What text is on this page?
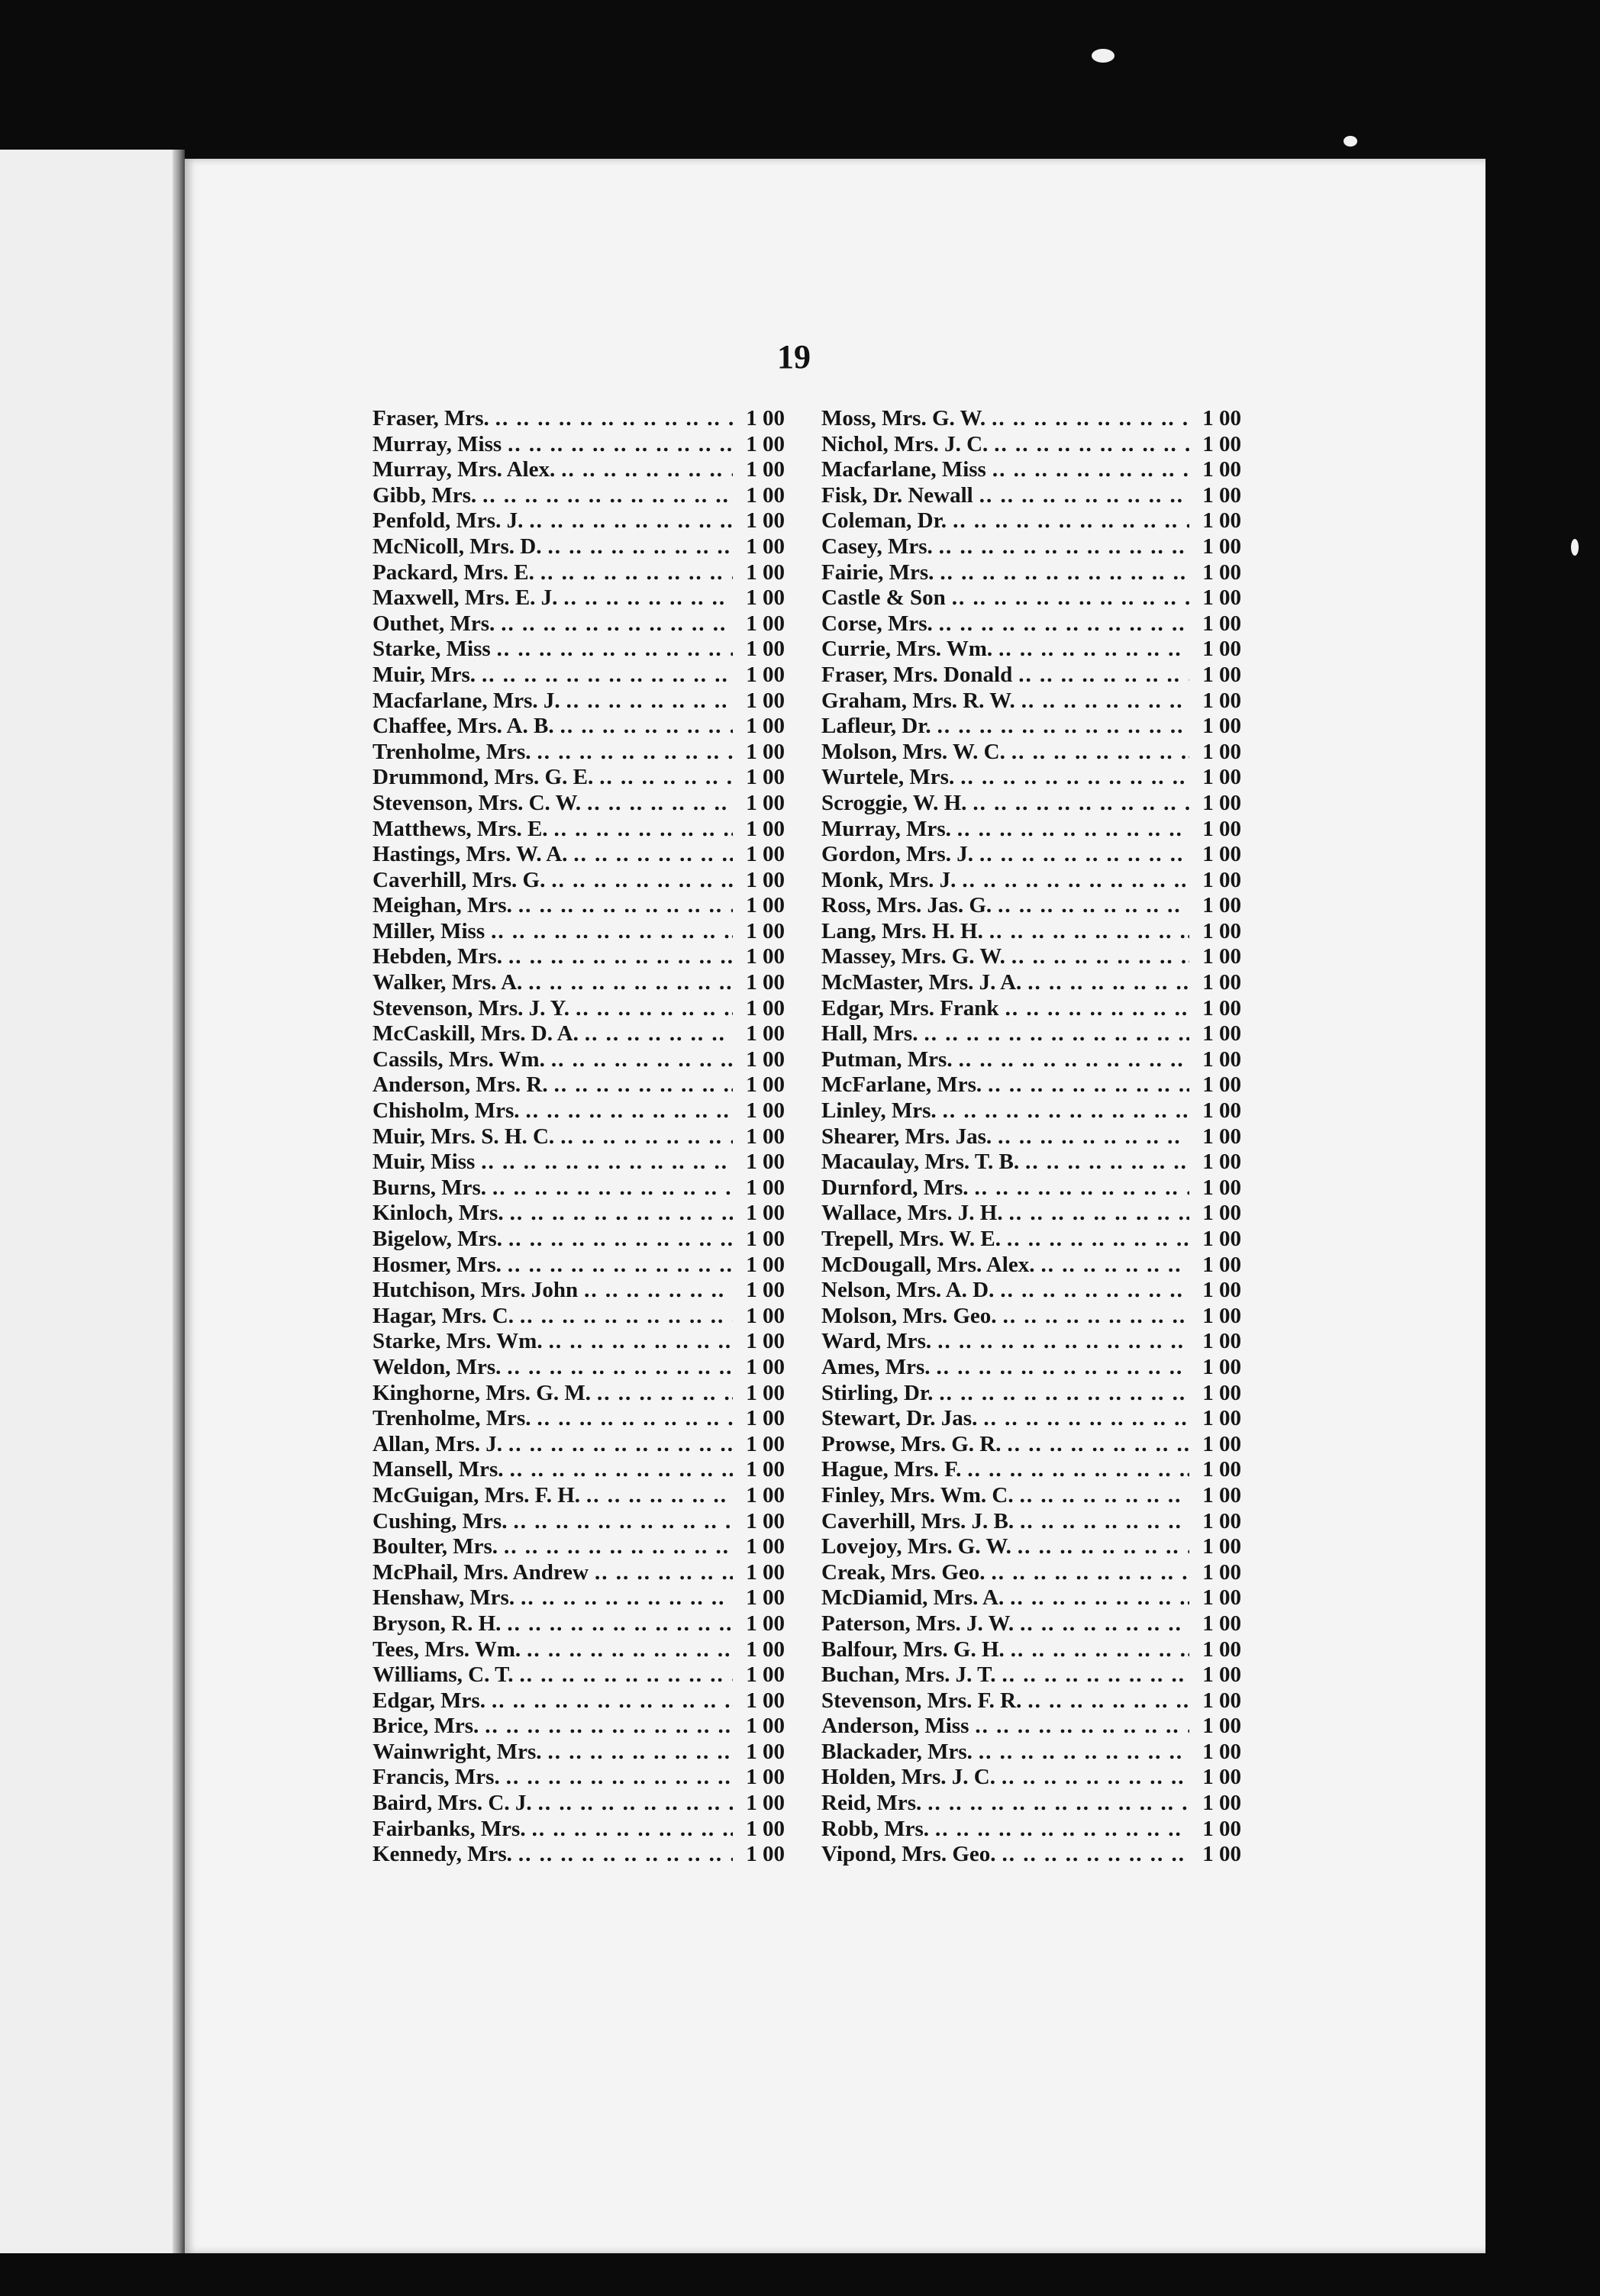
19
Fraser, Mrs. .. ..	1 00
Murray, Miss .. ..	1 00
Murray, Mrs. Alex. .. ..	1 00
Gibb, Mrs. .. ..	1 00
Penfold, Mrs. J. .. ..	1 00
McNicoll, Mrs. D. .. ..	1 00
Packard, Mrs. E. .. ..	1 00
Maxwell, Mrs. E. J. .. ..	1 00
Outhet, Mrs. .. ..	1 00
Starke, Miss .. ..	1 00
Muir, Mrs. .. ..	1 00
Macfarlane, Mrs. J. .. ..	1 00
Chaffee, Mrs. A. B. .. ..	1 00
Trenholme, Mrs. .. ..	1 00
Drummond, Mrs. G. E. .. ..	1 00
Stevenson, Mrs. C. W. .. ..	1 00
Matthews, Mrs. E. .. ..	1 00
Hastings, Mrs. W. A. .. ..	1 00
Caverhill, Mrs. G. .. ..	1 00
Meighan, Mrs. .. ..	1 00
Miller, Miss .. ..	1 00
Hebden, Mrs. .. ..	1 00
Walker, Mrs. A. .. ..	1 00
Stevenson, Mrs. J. Y. .. ..	1 00
McCaskill, Mrs. D. A. .. ..	1 00
Cassils, Mrs. Wm. .. ..	1 00
Anderson, Mrs. R. .. ..	1 00
Chisholm, Mrs. .. ..	1 00
Muir, Mrs. S. H. C. .. ..	1 00
Muir, Miss .. ..	1 00
Burns, Mrs. .. ..	1 00
Kinloch, Mrs. .. ..	1 00
Bigelow, Mrs. .. ..	1 00
Hosmer, Mrs. .. ..	1 00
Hutchison, Mrs. John .. ..	1 00
Hagar, Mrs. C. .. ..	1 00
Starke, Mrs. Wm. .. ..	1 00
Weldon, Mrs. .. ..	1 00
Kinghorne, Mrs. G. M. .. ..	1 00
Trenholme, Mrs. .. ..	1 00
Allan, Mrs. J. .. ..	1 00
Mansell, Mrs. .. ..	1 00
McGuigan, Mrs. F. H. .. ..	1 00
Cushing, Mrs. .. ..	1 00
Boulter, Mrs. .. ..	1 00
McPhail, Mrs. Andrew .. ..	1 00
Henshaw, Mrs. .. ..	1 00
Bryson, R. H. .. ..	1 00
Tees, Mrs. Wm. .. ..	1 00
Williams, C. T. .. ..	1 00
Edgar, Mrs. .. ..	1 00
Brice, Mrs. .. ..	1 00
Wainwright, Mrs. .. ..	1 00
Francis, Mrs. .. ..	1 00
Baird, Mrs. C. J. .. ..	1 00
Fairbanks, Mrs. .. ..	1 00
Kennedy, Mrs. .. ..	1 00
Moss, Mrs. G. W. .. ..	1 00
Nichol, Mrs. J. C. .. ..	1 00
Macfarlane, Miss .. ..	1 00
Fisk, Dr. Newall .. ..	1 00
Coleman, Dr. .. ..	1 00
Casey, Mrs. .. ..	1 00
Fairie, Mrs. .. ..	1 00
Castle & Son .. ..	1 00
Corse, Mrs. .. ..	1 00
Currie, Mrs. Wm. .. ..	1 00
Fraser, Mrs. Donald .. ..	1 00
Graham, Mrs. R. W. .. ..	1 00
Lafleur, Dr. .. ..	1 00
Molson, Mrs. W. C. .. ..	1 00
Wurtele, Mrs. .. ..	1 00
Scroggie, W. H. .. ..	1 00
Murray, Mrs. .. ..	1 00
Gordon, Mrs. J. .. ..	1 00
Monk, Mrs. J. .. ..	1 00
Ross, Mrs. Jas. G. .. ..	1 00
Lang, Mrs. H. H. .. ..	1 00
Massey, Mrs. G. W. .. ..	1 00
McMaster, Mrs. J. A. .. ..	1 00
Edgar, Mrs. Frank .. ..	1 00
Hall, Mrs. .. ..	1 00
Putman, Mrs. .. ..	1 00
McFarlane, Mrs. .. ..	1 00
Linley, Mrs. .. ..	1 00
Shearer, Mrs. Jas. .. ..	1 00
Macaulay, Mrs. T. B. .. ..	1 00
Durnford, Mrs. .. ..	1 00
Wallace, Mrs. J. H. .. ..	1 00
Trepell, Mrs. W. E. .. ..	1 00
McDougall, Mrs. Alex. .. ..	1 00
Nelson, Mrs. A. D. .. ..	1 00
Molson, Mrs. Geo. .. ..	1 00
Ward, Mrs. .. ..	1 00
Ames, Mrs. .. ..	1 00
Stirling, Dr. .. ..	1 00
Stewart, Dr. Jas. .. ..	1 00
Prowse, Mrs. G. R. .. ..	1 00
Hague, Mrs. F. .. ..	1 00
Finley, Mrs. Wm. C. .. ..	1 00
Caverhill, Mrs. J. B. .. ..	1 00
Lovejoy, Mrs. G. W. .. ..	1 00
Creak, Mrs. Geo. .. ..	1 00
McDiamid, Mrs. A. .. ..	1 00
Paterson, Mrs. J. W. .. ..	1 00
Balfour, Mrs. G. H. .. ..	1 00
Buchan, Mrs. J. T. .. ..	1 00
Stevenson, Mrs. F. R. .. ..	1 00
Anderson, Miss .. ..	1 00
Blackader, Mrs. .. ..	1 00
Holden, Mrs. J. C. .. ..	1 00
Reid, Mrs. .. ..	1 00
Robb, Mrs. .. ..	1 00
Vipond, Mrs. Geo. .. ..	1 00
